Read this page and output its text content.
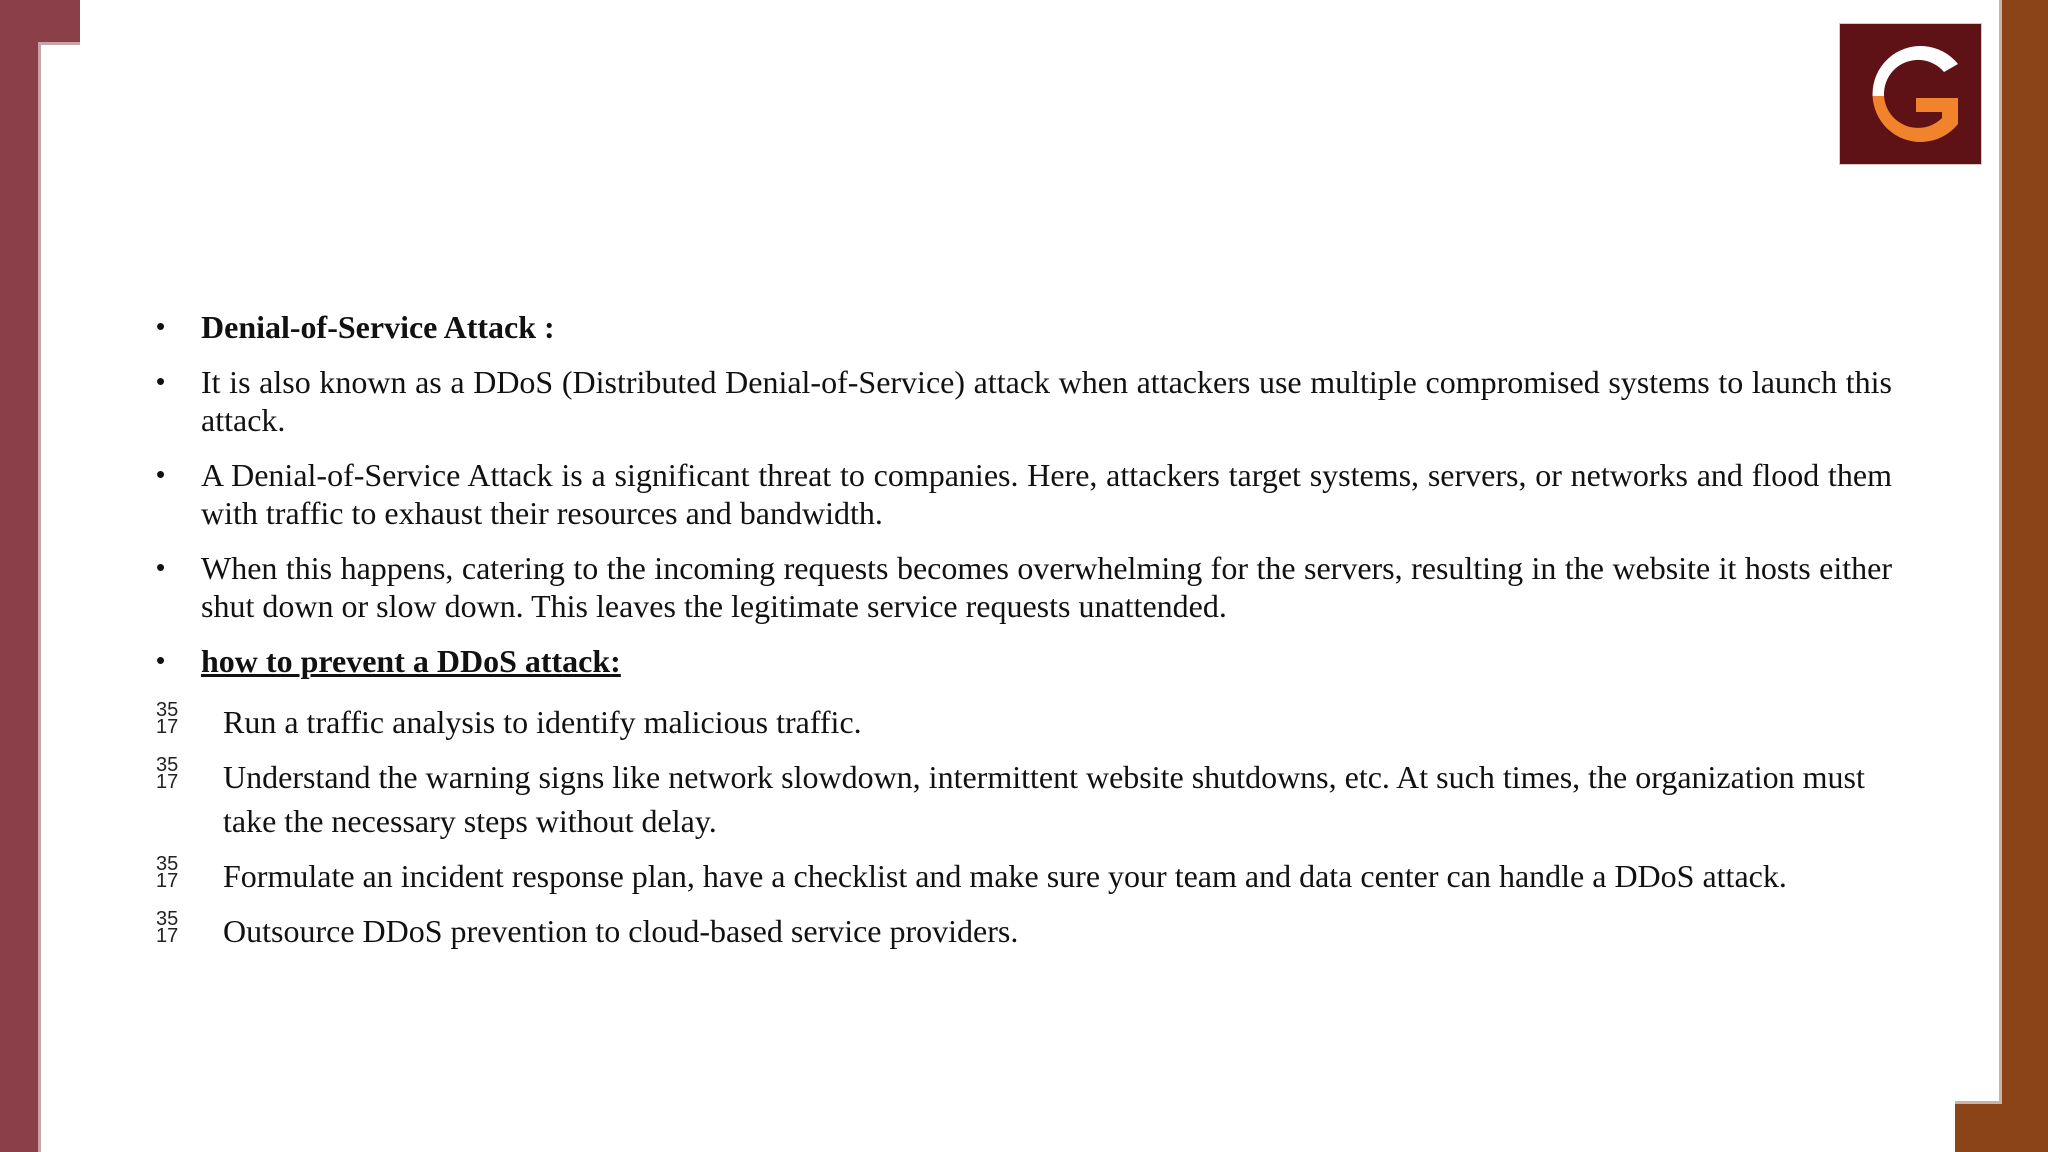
• Denial-of-Service Attack :
• It is also known as a DDoS (Distributed Denial-of-Service) attack when attackers use multiple compromised systems to launch this attack.
• A Denial-of-Service Attack is a significant threat to companies. Here, attackers target systems, servers, or networks and flood them with traffic to exhaust their resources and bandwidth.
• When this happens, catering to the incoming requests becomes overwhelming for the servers, resulting in the website it hosts either shut down or slow down. This leaves the legitimate service requests unattended.
• how to prevent a DDoS attack:
35
17 Run a traffic analysis to identify malicious traffic.
35
17 Understand the warning signs like network slowdown, intermittent website shutdowns, etc. At such times, the organization must take the necessary steps without delay.
35
17 Formulate an incident response plan, have a checklist and make sure your team and data center can handle a DDoS attack.
35
17 Outsource DDoS prevention to cloud-based service providers.
